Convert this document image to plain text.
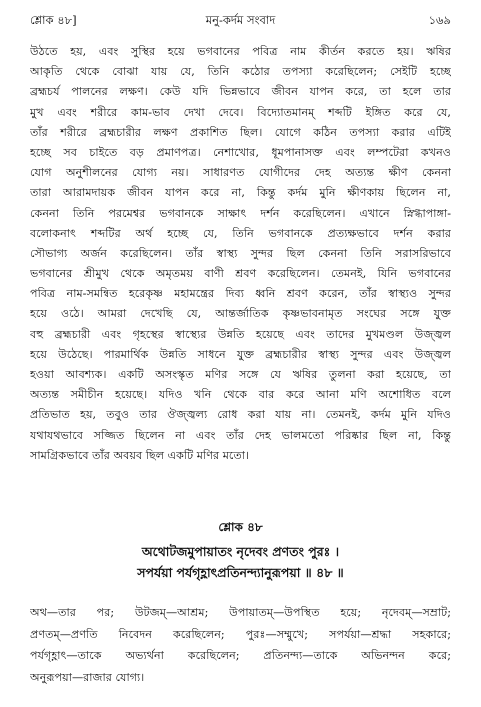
শ্লোক ৪৮]	মনু-কর্দম সংবাদ	১৬৯
উঠতে হয়, এবং সুস্থির হয়ে ভগবানের পবিত্র নাম কীর্তন করতে হয়। ঋষির
আকৃতি থেকে বোঝা যায় যে, তিনি কঠোর তপস্যা করেছিলেন; সেইটি হচ্ছে
ব্রহ্মচর্য পালনের লক্ষণ। কেউ যদি ভিন্নভাবে জীবন যাপন করে, তা হলে তার
মুখ এবং শরীরে কাম-ভাব দেখা দেবে। বিদ্যোতমানম্‌ শব্দটি ইঙ্গিত করে যে,
তাঁর শরীরে ব্রহ্মচারীর লক্ষণ প্রকাশিত ছিল। যোগে কঠিন তপস্যা করার এটিই
হচ্ছে সব চাইতে বড় প্রমাণপত্র। নেশাখোর, ধূমপানাসক্ত এবং লম্পটেরা কখনও
যোগ অনুশীলনের যোগ্য নয়। সাধারণত যোগীদের দেহ অত্যন্ত ক্ষীণ কেননা
তারা আরামদায়ক জীবন যাপন করে না, কিন্তু কর্দম মুনি ক্ষীণকায় ছিলেন না,
কেননা তিনি পরমেশ্বর ভগবানকে সাক্ষাৎ দর্শন করেছিলেন। এখানে স্নিগ্ধাপাঙ্গা-
বলোকনাৎ শব্দটির অর্থ হচ্ছে যে, তিনি ভগবানকে প্রত্যক্ষভাবে দর্শন করার
সৌভাগ্য অর্জন করেছিলেন। তাঁর স্বাস্থ্য সুন্দর ছিল কেননা তিনি সরাসরিভাবে
ভগবানের শ্রীমুখ থেকে অমৃতময় বাণী শ্রবণ করেছিলেন। তেমনই, যিনি ভগবানের
পবিত্র নাম-সমন্বিত হরেকৃষ্ণ মহামন্ত্রের দিব্য ধ্বনি শ্রবণ করেন, তাঁর স্বাস্থ্যও সুন্দর
হয়ে ওঠে। আমরা দেখেছি যে, আন্তর্জাতিক কৃষ্ণভাবনামৃত সংঘের সঙ্গে যুক্ত
বহু ব্রহ্মচারী এবং গৃহস্থের স্বাস্থ্যের উন্নতি হয়েছে এবং তাদের মুখমণ্ডল উজ্জ্বল
হয়ে উঠেছে। পারমার্থিক উন্নতি সাধনে যুক্ত ব্রহ্মচারীর স্বাস্থ্য সুন্দর এবং উজ্জ্বল
হওয়া আবশ্যক। একটি অসংস্কৃত মণির সঙ্গে যে ঋষির তুলনা করা হয়েছে, তা
অত্যন্ত সমীচীন হয়েছে। যদিও খনি থেকে বার করে আনা মণি অশোধিত বলে
প্রতিভাত হয়, তবুও তার ঔজ্জ্বল্য রোধ করা যায় না। তেমনই, কর্দম মুনি যদিও
যথাযথভাবে সজ্জিত ছিলেন না এবং তাঁর দেহ ভালমতো পরিষ্কার ছিল না, কিন্তু
সামগ্রিকভাবে তাঁর অবয়ব ছিল একটি মণির মতো।
শ্লোক ৪৮
অথোটজমুপায়াতং নৃদেবং প্রণতং পুরঃ ।
সপর্যয়া পর্যগৃহ্ণাৎপ্রতিনন্দ্যানুরূপয়া ॥ ৪৮ ॥
অথ—তার পর; উটজম্‌—আশ্রম; উপায়াতম্‌—উপস্থিত হয়ে; নৃদেবম্‌—সম্রাট;
প্রণতম্‌—প্রণতি নিবেদন করেছিলেন; পুরঃ—সম্মুখে; সপর্যয়া—শ্রদ্ধা সহকারে;
পর্যগৃহ্ণাৎ—তাকে অভ্যর্থনা করেছিলেন; প্রতিনন্দ্য—তাকে অভিনন্দন করে;
অনুরূপয়া—রাজার যোগ্য।
